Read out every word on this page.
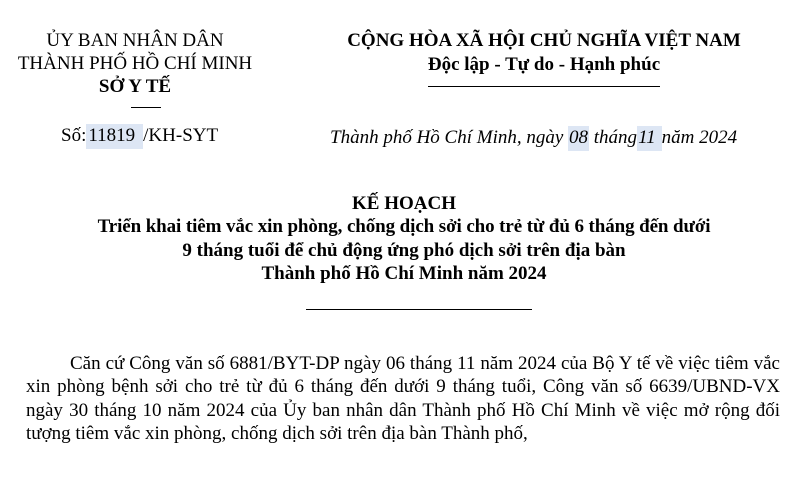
ỦY BAN NHÂN DÂN
THÀNH PHỐ HỒ CHÍ MINH
SỞ Y TẾ
CỘNG HÒA XÃ HỘI CHỦ NGHĨA VIỆT NAM
Độc lập - Tự do - Hạnh phúc
Số: 11819 /KH-SYT	Thành phố Hồ Chí Minh, ngày 08 tháng11 năm 2024
KẾ HOẠCH
Triển khai tiêm vắc xin phòng, chống dịch sởi cho trẻ từ đủ 6 tháng đến dưới
9 tháng tuổi để chủ động ứng phó dịch sởi trên địa bàn
Thành phố Hồ Chí Minh năm 2024
Căn cứ Công văn số 6881/BYT-DP ngày 06 tháng 11 năm 2024 của Bộ Y tế về việc tiêm vắc xin phòng bệnh sởi cho trẻ từ đủ 6 tháng đến dưới 9 tháng tuổi, Công văn số 6639/UBND-VX ngày 30 tháng 10 năm 2024 của Ủy ban nhân dân Thành phố Hồ Chí Minh về việc mở rộng đối tượng tiêm vắc xin phòng, chống dịch sởi trên địa bàn Thành phố,
